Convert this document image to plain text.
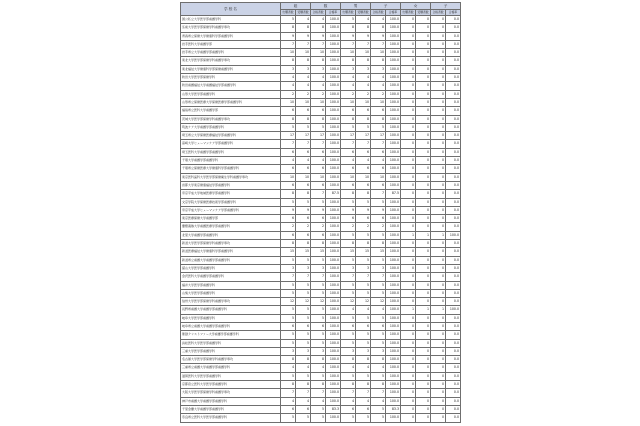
学 校 名	総		数		男		子		女		子	
	出願者数	受験者数	合格者数	合格率	出願者数	受験者数	合格者数	合格率	出願者数	受験者数	合格者数	合格率
国公私立大学医学部看護学科	5	4	4	100.0	5	4	4	100.0	0	0	0	0.0
弘前大学医学部保健学科看護学専攻	8	8	8	100.0	8	8	8	100.0	0	0	0	0.0
青森県立保健大学健康科学部看護学科	9	9	9	100.0	9	9	9	100.0	0	0	0	0.0
岩手医科大学看護学部	7	7	7	100.0	7	7	7	100.0	0	0	0	0.0
岩手県立大学看護学部看護学科	10	10	10	100.0	10	10	10	100.0	0	0	0	0.0
東北大学医学部保健学科看護学専攻	8	8	8	100.0	8	8	8	100.0	0	0	0	0.0
東北福祉大学健康科学部保健看護学科	3	3	3	100.0	3	3	3	100.0	0	0	0	0.0
秋田大学医学部保健学科	4	4	4	100.0	4	4	4	100.0	0	0	0	0.0
秋田看護福祉大学看護福祉学部看護学科	4	4	4	100.0	4	4	4	100.0	0	0	0	0.0
山形大学医学部看護学科	2	2	2	100.0	2	2	2	100.0	0	0	0	0.0
山形県立保健医療大学保健医療学部看護学科	10	10	10	100.0	10	10	10	100.0	0	0	0	0.0
福島県立医科大学看護学部	6	6	6	100.0	6	6	6	100.0	0	0	0	0.0
茨城大学医学部保健学科看護学専攻	8	8	8	100.0	8	8	8	100.0	0	0	0	0.0
筑波ケア大学看護学部看護学科	5	5	5	100.0	5	5	5	100.0	0	0	0	0.0
埼玉県立大学保健医療福祉学部看護学科	17	17	17	100.0	17	17	17	100.0	0	0	0	0.0
高崎大学ヒューマンケア学部看護学科	7	7	7	100.0	7	7	7	100.0	0	0	0	0.0
埼玉医科大学看護学部看護学科	6	6	6	100.0	6	6	6	100.0	0	0	0	0.0
千葉大学看護学部看護学科	4	4	4	100.0	4	4	4	100.0	0	0	0	0.0
千葉県立保健医療大学健康科学部看護学科	6	6	6	100.0	6	6	6	100.0	0	0	0	0.0
東京医科歯科大学医学部保健衛生学科看護学専攻	10	10	10	100.0	10	10	10	100.0	0	0	0	0.0
首都大学東京健康福祉学部看護学科	6	6	6	100.0	6	6	6	100.0	0	0	0	0.0
帝京平成大学地域医療学部看護学科	8	8	7	87.5	8	8	7	87.5	0	0	0	0.0
文京学院大学保健医療技術学部看護学科	5	5	5	100.0	5	5	5	100.0	0	0	0	0.0
帝京平成大学ヒューマンケア学部看護学科	9	9	9	100.0	9	9	9	100.0	0	0	0	0.0
東京医療保健大学看護学部	6	6	6	100.0	6	6	6	100.0	0	0	0	0.0
慶應義塾大学看護医療学部看護学科	2	2	2	100.0	2	2	2	100.0	0	0	0	0.0
北里大学看護学部看護学科	6	6	6	100.0	5	5	5	100.0	1	1	1	100.0
新潟大学医学部保健学科看護学専攻	8	8	8	100.0	8	8	8	100.0	0	0	0	0.0
新潟医療福祉大学健康科学部看護学科	15	15	15	100.0	15	15	15	100.0	0	0	0	0.0
新潟県立看護大学看護学部看護学科	5	5	5	100.0	5	5	5	100.0	0	0	0	0.0
富山大学医学部看護学科	3	3	3	100.0	3	3	3	100.0	0	0	0	0.0
金沢医科大学看護学部看護学科	7	7	7	100.0	7	7	7	100.0	0	0	0	0.0
福井大学医学部看護学科	5	5	5	100.0	5	5	5	100.0	0	0	0	0.0
山梨大学医学部看護学科	5	5	5	100.0	5	5	5	100.0	0	0	0	0.0
信州大学医学部保健学科看護学専攻	12	12	12	100.0	12	12	12	100.0	0	0	0	0.0
長野県看護大学看護学部看護学科	5	5	5	100.0	4	4	4	100.0	1	1	1	100.0
岐阜大学医学部看護学科	5	5	5	100.0	5	5	5	100.0	0	0	0	0.0
岐阜県立看護大学看護学部看護学科	6	6	6	100.0	6	6	6	100.0	0	0	0	0.0
聖隷クリストファー大学看護学部看護学科	5	5	5	100.0	5	5	5	100.0	0	0	0	0.0
浜松医科大学医学部看護学科	5	5	5	100.0	5	5	5	100.0	0	0	0	0.0
三重大学医学部看護学科	3	3	3	100.0	3	3	3	100.0	0	0	0	0.0
名古屋大学医学部保健学科看護学専攻	8	8	8	100.0	8	8	8	100.0	0	0	0	0.0
三重県立看護大学看護学部看護学科	4	4	4	100.0	4	4	4	100.0	0	0	0	0.0
滋賀医科大学医学部看護学科	5	5	5	100.0	5	5	5	100.0	0	0	0	0.0
京都府立医科大学医学部看護学科	8	8	8	100.0	8	8	8	100.0	0	0	0	0.0
大阪大学医学部保健学科看護学専攻	7	7	7	100.0	7	7	7	100.0	0	0	0	0.0
神戸市看護大学看護学部看護学科	4	4	4	100.0	4	4	4	100.0	0	0	0	0.0
千里金蘭大学看護学部看護学科	6	6	5	83.3	6	6	5	83.3	0	0	0	0.0
奈良県立医科大学医学部看護学科	5	5	5	100.0	5	5	5	100.0	0	0	0	0.0
